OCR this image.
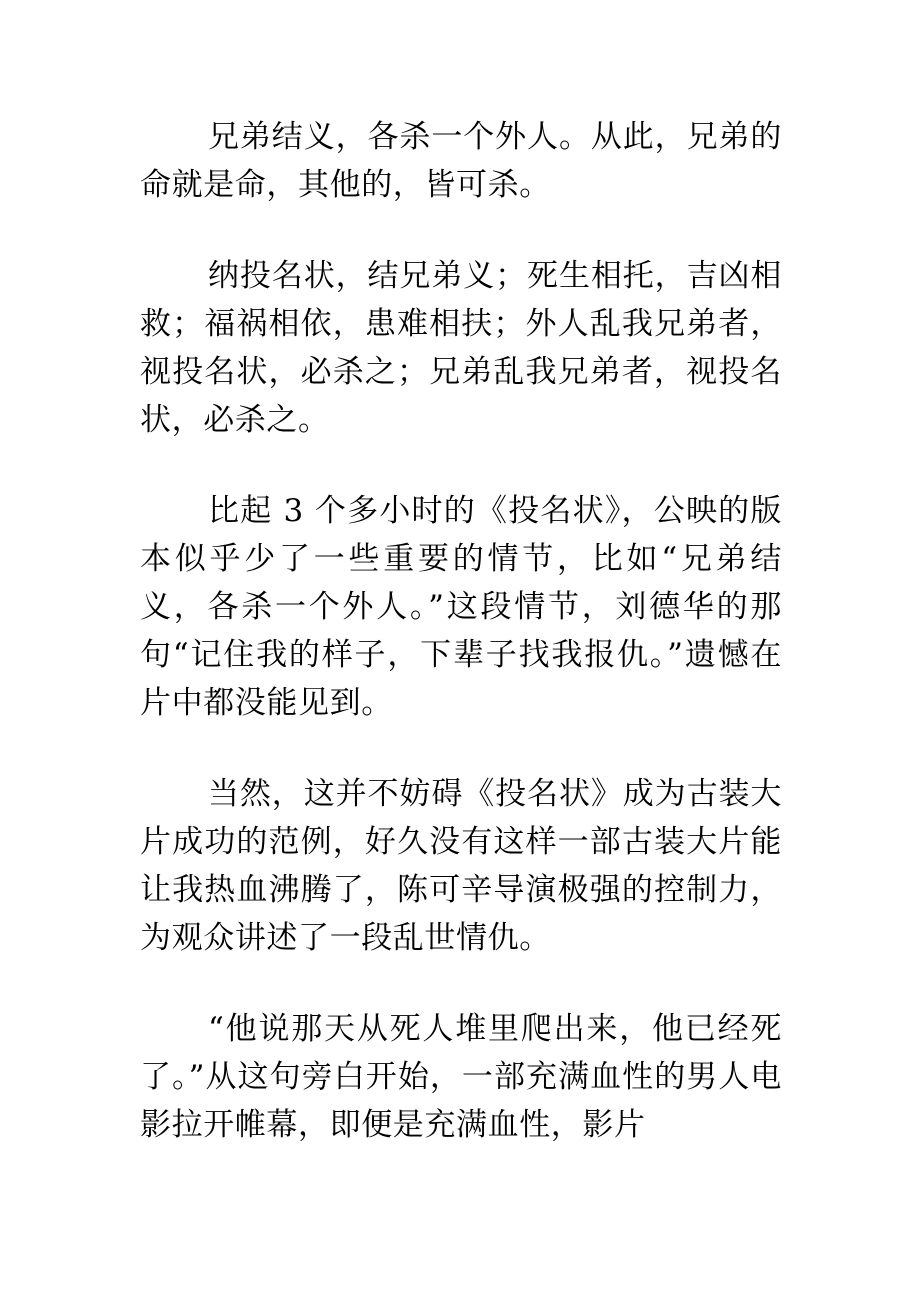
兄弟结义，各杀一个外人。从此，兄弟的命就是命，其他的，皆可杀。

纳投名状，结兄弟义；死生相托，吉凶相救；福祸相依，患难相扶；外人乱我兄弟者，视投名状，必杀之；兄弟乱我兄弟者，视投名状，必杀之。

比起 3 个多小时的《投名状》，公映的版本似乎少了一些重要的情节，比如“兄弟结义，各杀一个外人。”这段情节，刘德华的那句“记住我的样子，下辈子找我报仇。”遗憾在片中都没能见到。

当然，这并不妨碍《投名状》成为古装大片成功的范例，好久没有这样一部古装大片能让我热血沸腾了，陈可辛导演极强的控制力，为观众讲述了一段乱世情仇。

“他说那天从死人堆里爬出来，他已经死了。”从这句旁白开始，一部充满血性的男人电影拉开帷幕，即便是充满血性，影片
